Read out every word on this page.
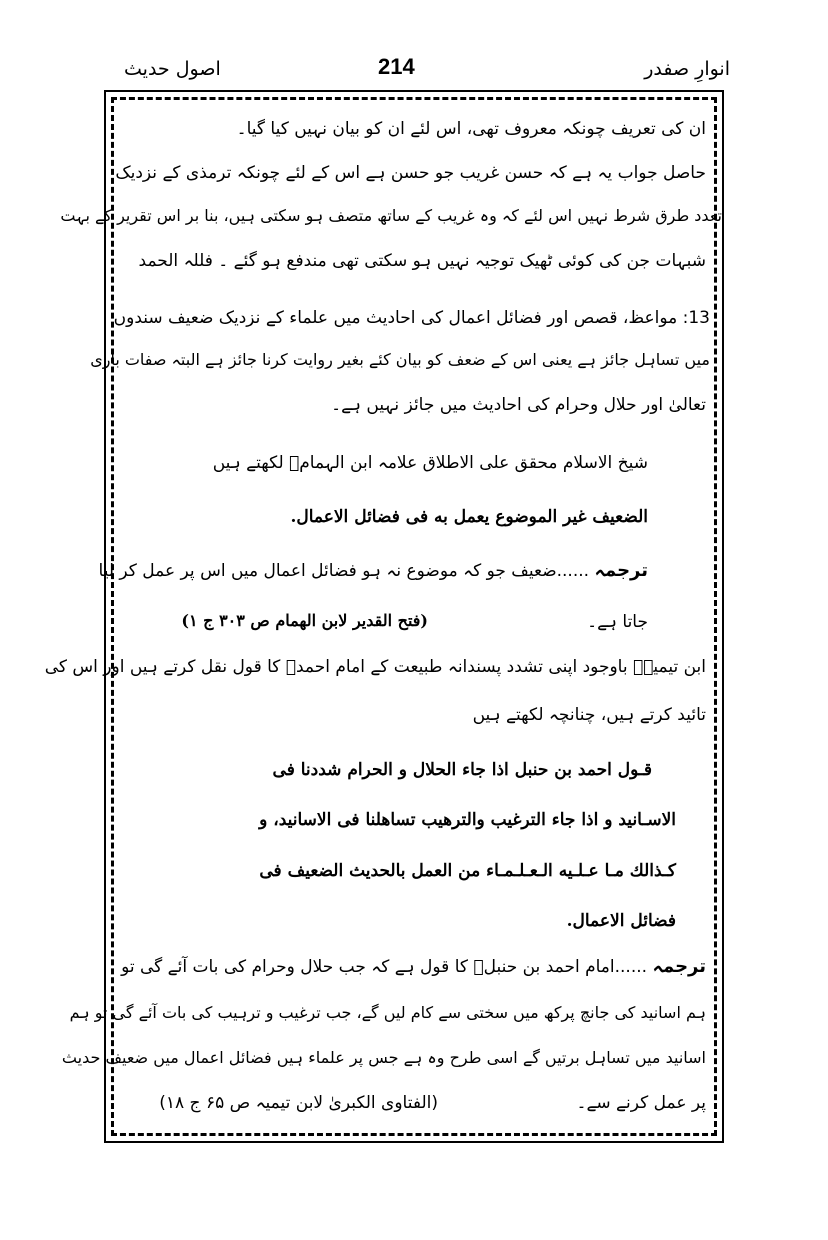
انوارِ صفدر
214
اصول حدیث
ان کی تعریف چونکہ معروف تھی، اس لئے ان کو بیان نہیں کیا گیا۔
حاصل جواب یہ ہے کہ حسن غریب جو حسن ہے اس کے لئے چونکہ ترمذی کے نزدیک
تعدد طرق شرط نہیں اس لئے کہ وہ غریب کے ساتھ متصف ہو سکتی ہیں، بنا بر اس تقریر کے بہت
شبہات جن کی کوئی ٹھیک توجیہ نہیں ہو سکتی تھی مندفع ہو گئے ۔ فللہ الحمد
13: مواعظ، قصص اور فضائل اعمال کی احادیث میں علماء کے نزدیک ضعیف سندوں
میں تساہل جائز ہے یعنی اس کے ضعف کو بیان کئے بغیر روایت کرنا جائز ہے البتہ صفات باری
تعالیٰ اور حلال وحرام کی احادیث میں جائز نہیں ہے۔
شیخ الاسلام محقق علی الاطلاق علامہ ابن الہمامؒ لکھتے ہیں
الضعيف غير الموضوع يعمل به فى فضائل الاعمال.
ترجمہ ......ضعیف جو کہ موضوع نہ ہو فضائل اعمال میں اس پر عمل کر لیا
جاتا ہے۔
(فتح القدير لابن الهمام ص ۳۰۳ ج ۱)
ابن تیمیہؒ باوجود اپنی تشدد پسندانہ طبیعت کے امام احمدؒ کا قول نقل کرتے ہیں اور اس کی
تائید کرتے ہیں، چنانچہ لکھتے ہیں
قـول احمد بن حنبل اذا جاء الحلال و الحرام شددنا فى
الاسـانيد و اذا جاء الترغيب والترهيب تساهلنا فى الاسانيد، و
كـذالك مـا عـلـيه الـعـلـمـاء من العمل بالحديث الضعيف فى
فضائل الاعمال.
ترجمہ ......امام احمد بن حنبلؒ کا قول ہے کہ جب حلال وحرام کی بات آئے گی تو
ہم اسانید کی جانچ پرکھ میں سختی سے کام لیں گے، جب ترغیب و ترہیب کی بات آئے گی تو ہم
اسانید میں تساہل برتیں گے اسی طرح وہ ہے جس پر علماء ہیں فضائل اعمال میں ضعیف حدیث
پر عمل کرنے سے۔
(الفتاوی الکبریٰ لابن تیمیہ ص ۶۵ ج ۱۸)
